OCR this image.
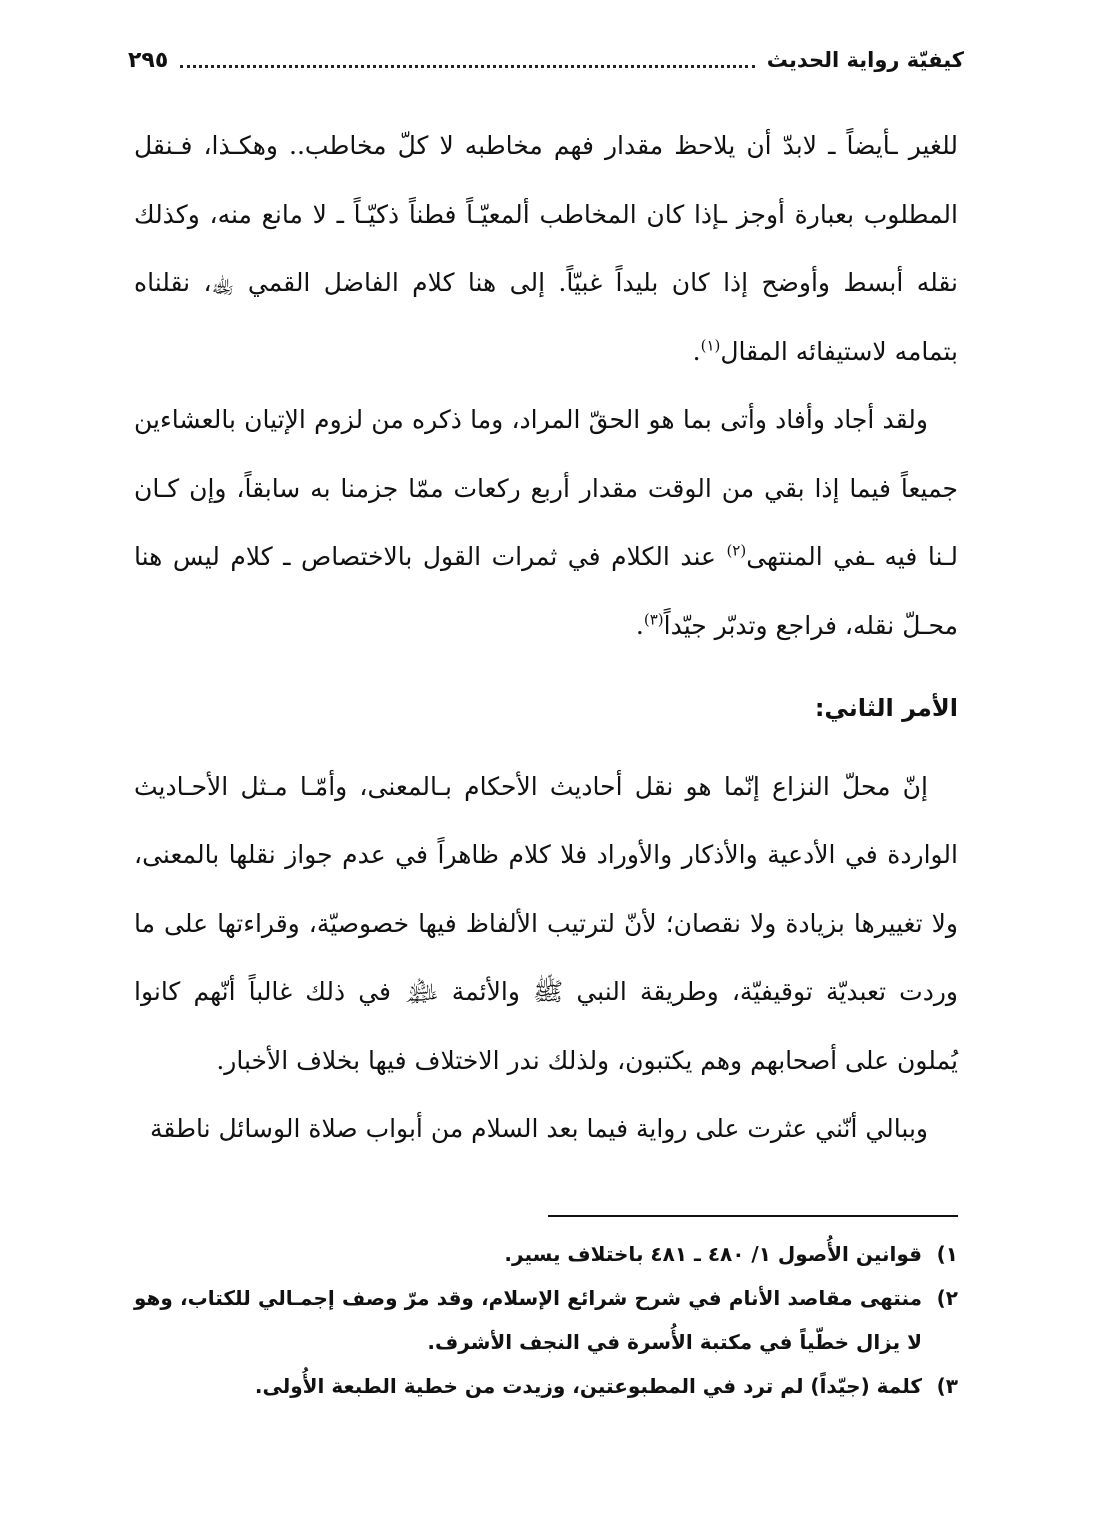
كيفيّة رواية الحديث
٢٩٥

للغير ـأيضاً ـ لابدّ أن يلاحظ مقدار فهم مخاطبه لا كلّ مخاطب.. وهكـذا، فـنقل المطلوب بعبارة أوجز ـإذا كان المخاطب ألمعيّـاً فطناً ذكيّـاً ـ لا مانع منه، وكذلك نقله أبسط وأوضح إذا كان بليداً غبيّاً. إلى هنا كلام الفاضل القمي ﵀، نقلناه بتمامه لاستيفائه المقال$^{(١)}$.

ولقد أجاد وأفاد وأتى بما هو الحقّ المراد، وما ذكره من لزوم الإتيان بالعشاءين جميعاً فيما إذا بقي من الوقت مقدار أربع ركعات ممّا جزمنا به سابقاً، وإن كـان لـنا فيه ـفي المنتهى$^{(٢)}$ عند الكلام في ثمرات القول بالاختصاص ـ كلام ليس هنا محـلّ نقله، فراجع وتدبّر جيّداً$^{(٣)}$.

الأمر الثاني:

إنّ محلّ النزاع إنّما هو نقل أحاديث الأحكام بـالمعنى، وأمّـا مـثل الأحـاديث الواردة في الأدعية والأذكار والأوراد فلا كلام ظاهراً في عدم جواز نقلها بالمعنى، ولا تغييرها بزيادة ولا نقصان؛ لأنّ لترتيب الألفاظ فيها خصوصيّة، وقراءتها على ما وردت تعبديّة توقيفيّة، وطريقة النبي ﷺ والأئمة ﵈ في ذلك غالباً أنّهم كانوا يُملون على أصحابهم وهم يكتبون، ولذلك ندر الاختلاف فيها بخلاف الأخبار.

وببالي أنّني عثرت على رواية فيما بعد السلام من أبواب صلاة الوسائل ناطقة

١)
قوانين الأُصول ١/ ٤٨٠ ـ ٤٨١ باختلاف يسير.
٢)
منتهى مقاصد الأنام في شرح شرائع الإسلام، وقد مرّ وصف إجمـالي للكتاب، وهو لا يزال خطّياً في مكتبة الأُسرة في النجف الأشرف.
٣)
كلمة (جيّداً) لم ترد في المطبوعتين، وزيدت من خطية الطبعة الأُولى.
